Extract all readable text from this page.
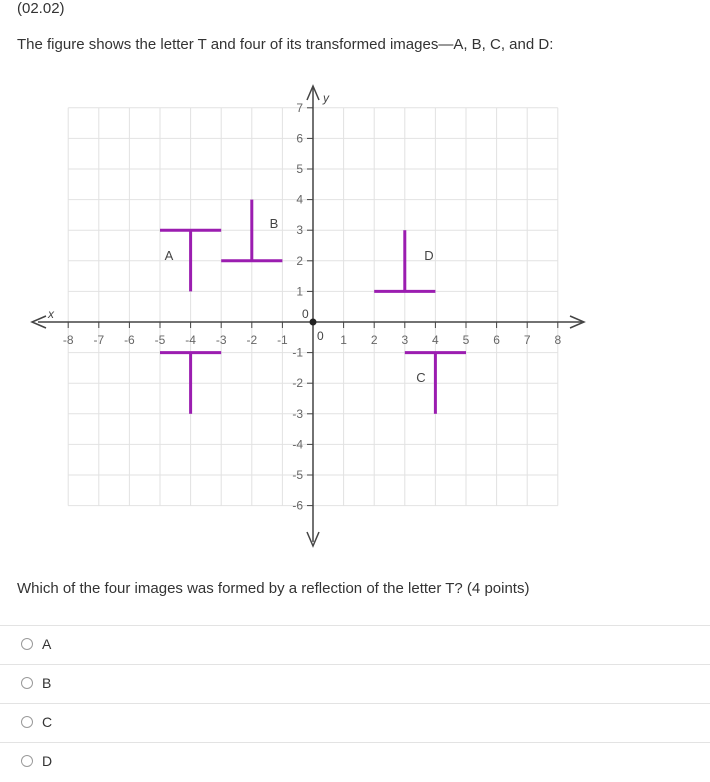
(02.02)
The figure shows the letter T and four of its transformed images—A, B, C, and D:
x
y
0
0
-8 -7 -6 -5 -4 -3 -2 -1	1 2 3 4 5 6 7 8
7
6
5
4
3
2
1
-1
-2
-3
-4
-5
-6
A
B
C
D
Which of the four images was formed by a reflection of the letter T? (4 points)
A
B
C
D
